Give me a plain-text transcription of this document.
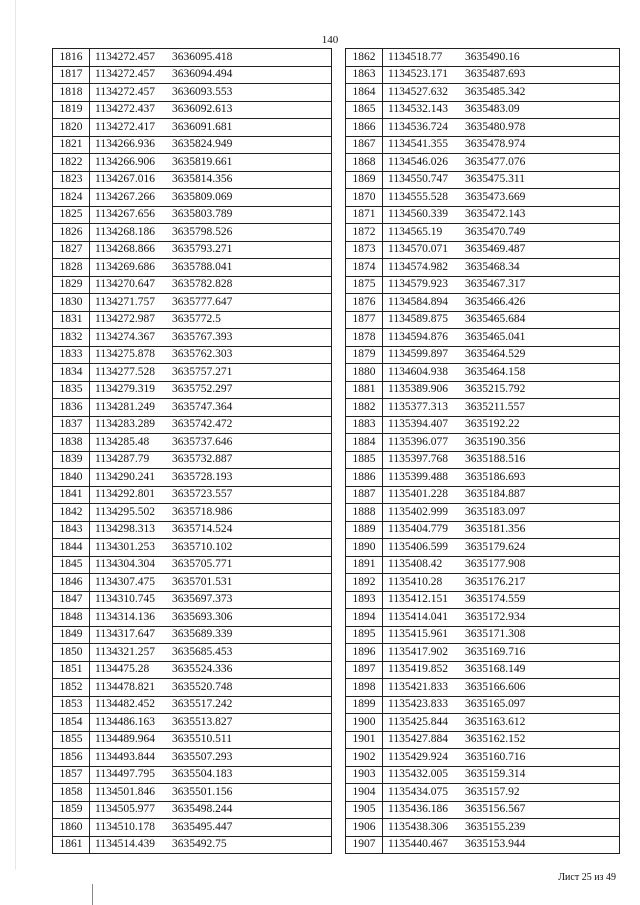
140
1816	1134272.457 3636095.418
1817	1134272.457 3636094.494
1818	1134272.457 3636093.553
1819	1134272.437 3636092.613
1820	1134272.417 3636091.681
1821	1134266.936 3635824.949
1822	1134266.906 3635819.661
1823	1134267.016 3635814.356
1824	1134267.266 3635809.069
1825	1134267.656 3635803.789
1826	1134268.186 3635798.526
1827	1134268.866 3635793.271
1828	1134269.686 3635788.041
1829	1134270.647 3635782.828
1830	1134271.757 3635777.647
1831	1134272.987 3635772.5
1832	1134274.367 3635767.393
1833	1134275.878 3635762.303
1834	1134277.528 3635757.271
1835	1134279.319 3635752.297
1836	1134281.249 3635747.364
1837	1134283.289 3635742.472
1838	1134285.48 3635737.646
1839	1134287.79 3635732.887
1840	1134290.241 3635728.193
1841	1134292.801 3635723.557
1842	1134295.502 3635718.986
1843	1134298.313 3635714.524
1844	1134301.253 3635710.102
1845	1134304.304 3635705.771
1846	1134307.475 3635701.531
1847	1134310.745 3635697.373
1848	1134314.136 3635693.306
1849	1134317.647 3635689.339
1850	1134321.257 3635685.453
1851	1134475.28 3635524.336
1852	1134478.821 3635520.748
1853	1134482.452 3635517.242
1854	1134486.163 3635513.827
1855	1134489.964 3635510.511
1856	1134493.844 3635507.293
1857	1134497.795 3635504.183
1858	1134501.846 3635501.156
1859	1134505.977 3635498.244
1860	1134510.178 3635495.447
1861	1134514.439 3635492.75
1862	1134518.77 3635490.16
1863	1134523.171 3635487.693
1864	1134527.632 3635485.342
1865	1134532.143 3635483.09
1866	1134536.724 3635480.978
1867	1134541.355 3635478.974
1868	1134546.026 3635477.076
1869	1134550.747 3635475.311
1870	1134555.528 3635473.669
1871	1134560.339 3635472.143
1872	1134565.19 3635470.749
1873	1134570.071 3635469.487
1874	1134574.982 3635468.34
1875	1134579.923 3635467.317
1876	1134584.894 3635466.426
1877	1134589.875 3635465.684
1878	1134594.876 3635465.041
1879	1134599.897 3635464.529
1880	1134604.938 3635464.158
1881	1135389.906 3635215.792
1882	1135377.313 3635211.557
1883	1135394.407 3635192.22
1884	1135396.077 3635190.356
1885	1135397.768 3635188.516
1886	1135399.488 3635186.693
1887	1135401.228 3635184.887
1888	1135402.999 3635183.097
1889	1135404.779 3635181.356
1890	1135406.599 3635179.624
1891	1135408.42 3635177.908
1892	1135410.28 3635176.217
1893	1135412.151 3635174.559
1894	1135414.041 3635172.934
1895	1135415.961 3635171.308
1896	1135417.902 3635169.716
1897	1135419.852 3635168.149
1898	1135421.833 3635166.606
1899	1135423.833 3635165.097
1900	1135425.844 3635163.612
1901	1135427.884 3635162.152
1902	1135429.924 3635160.716
1903	1135432.005 3635159.314
1904	1135434.075 3635157.92
1905	1135436.186 3635156.567
1906	1135438.306 3635155.239
1907	1135440.467 3635153.944
Лист 25 из 49
